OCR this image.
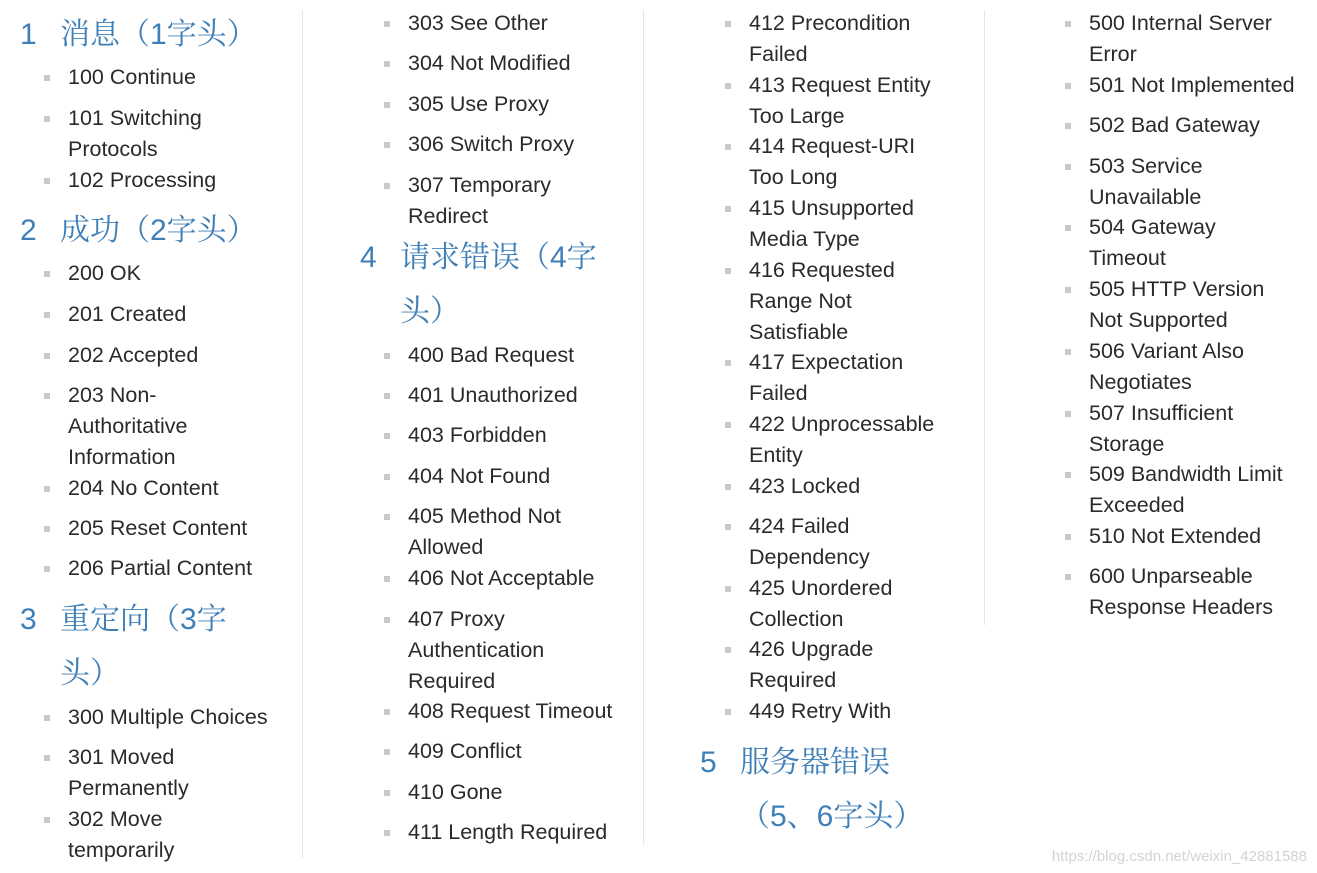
1 消息（1字头）
100 Continue
101 Switching
Protocols
102 Processing
2 成功（2字头）
200 OK
201 Created
202 Accepted
203 Non-
Authoritative
Information
204 No Content
205 Reset Content
206 Partial Content
3 重定向（3字
头）
300 Multiple Choices
301 Moved
Permanently
302 Move
temporarily
303 See Other
304 Not Modified
305 Use Proxy
306 Switch Proxy
307 Temporary
Redirect
4 请求错误（4字
头）
400 Bad Request
401 Unauthorized
403 Forbidden
404 Not Found
405 Method Not
Allowed
406 Not Acceptable
407 Proxy
Authentication
Required
408 Request Timeout
409 Conflict
410 Gone
411 Length Required
412 Precondition
Failed
413 Request Entity
Too Large
414 Request-URI
Too Long
415 Unsupported
Media Type
416 Requested
Range Not
Satisfiable
417 Expectation
Failed
422 Unprocessable
Entity
423 Locked
424 Failed
Dependency
425 Unordered
Collection
426 Upgrade
Required
449 Retry With
5 服务器错误
（5、6字头）
500 Internal Server
Error
501 Not Implemented
502 Bad Gateway
503 Service
Unavailable
504 Gateway
Timeout
505 HTTP Version
Not Supported
506 Variant Also
Negotiates
507 Insufficient
Storage
509 Bandwidth Limit
Exceeded
510 Not Extended
600 Unparseable
Response Headers
https://blog.csdn.net/weixin_42881588
